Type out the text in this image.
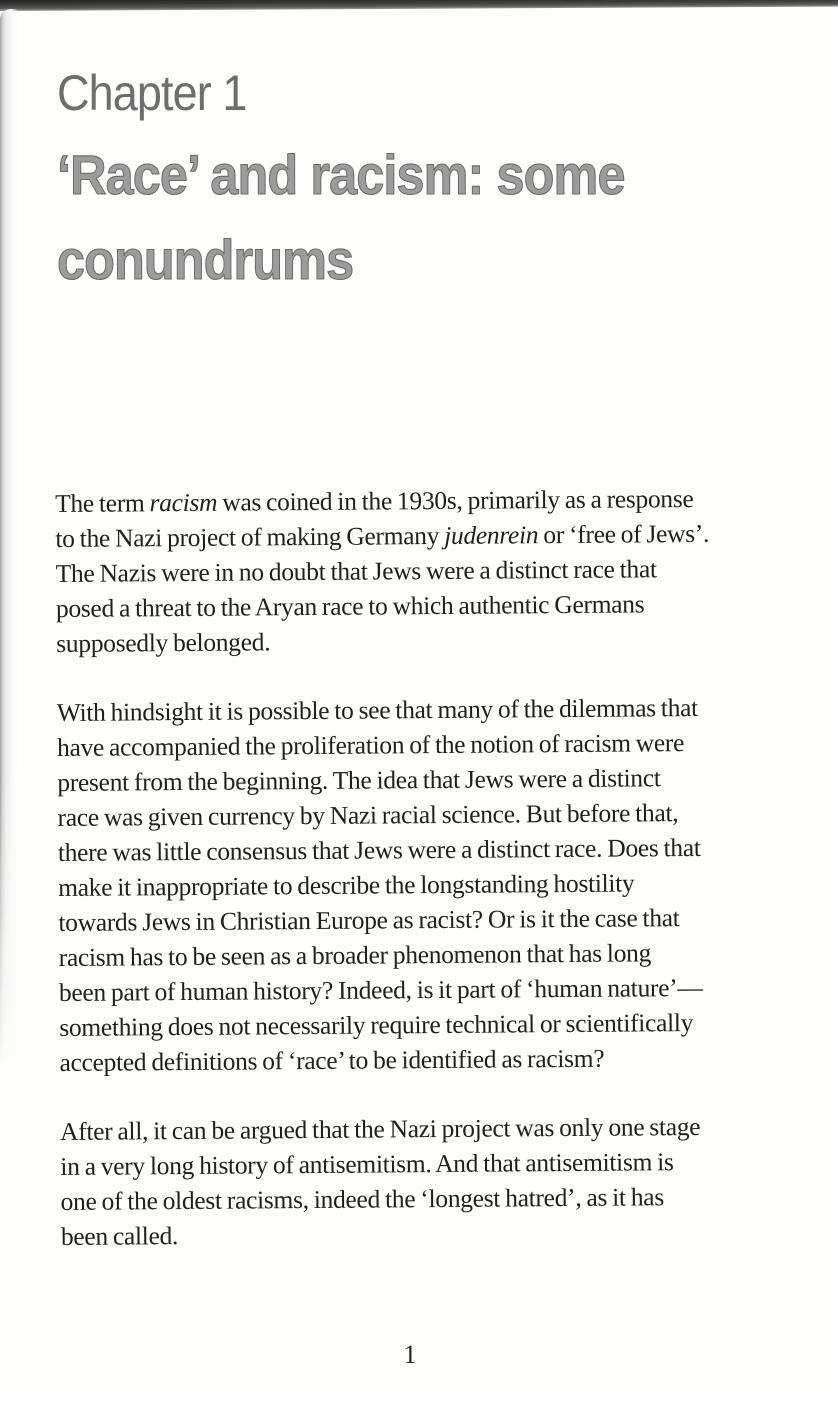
Chapter 1
‘Race’ and racism: some
conundrums
The term racism was coined in the 1930s, primarily as a response
to the Nazi project of making Germany judenrein or ‘free of Jews’.
The Nazis were in no doubt that Jews were a distinct race that
posed a threat to the Aryan race to which authentic Germans
supposedly belonged.
With hindsight it is possible to see that many of the dilemmas that
have accompanied the proliferation of the notion of racism were
present from the beginning. The idea that Jews were a distinct
race was given currency by Nazi racial science. But before that,
there was little consensus that Jews were a distinct race. Does that
make it inappropriate to describe the longstanding hostility
towards Jews in Christian Europe as racist? Or is it the case that
racism has to be seen as a broader phenomenon that has long
been part of human history? Indeed, is it part of ‘human nature’—
something does not necessarily require technical or scientifically
accepted definitions of ‘race’ to be identified as racism?
After all, it can be argued that the Nazi project was only one stage
in a very long history of antisemitism. And that antisemitism is
one of the oldest racisms, indeed the ‘longest hatred’, as it has
been called.
1
